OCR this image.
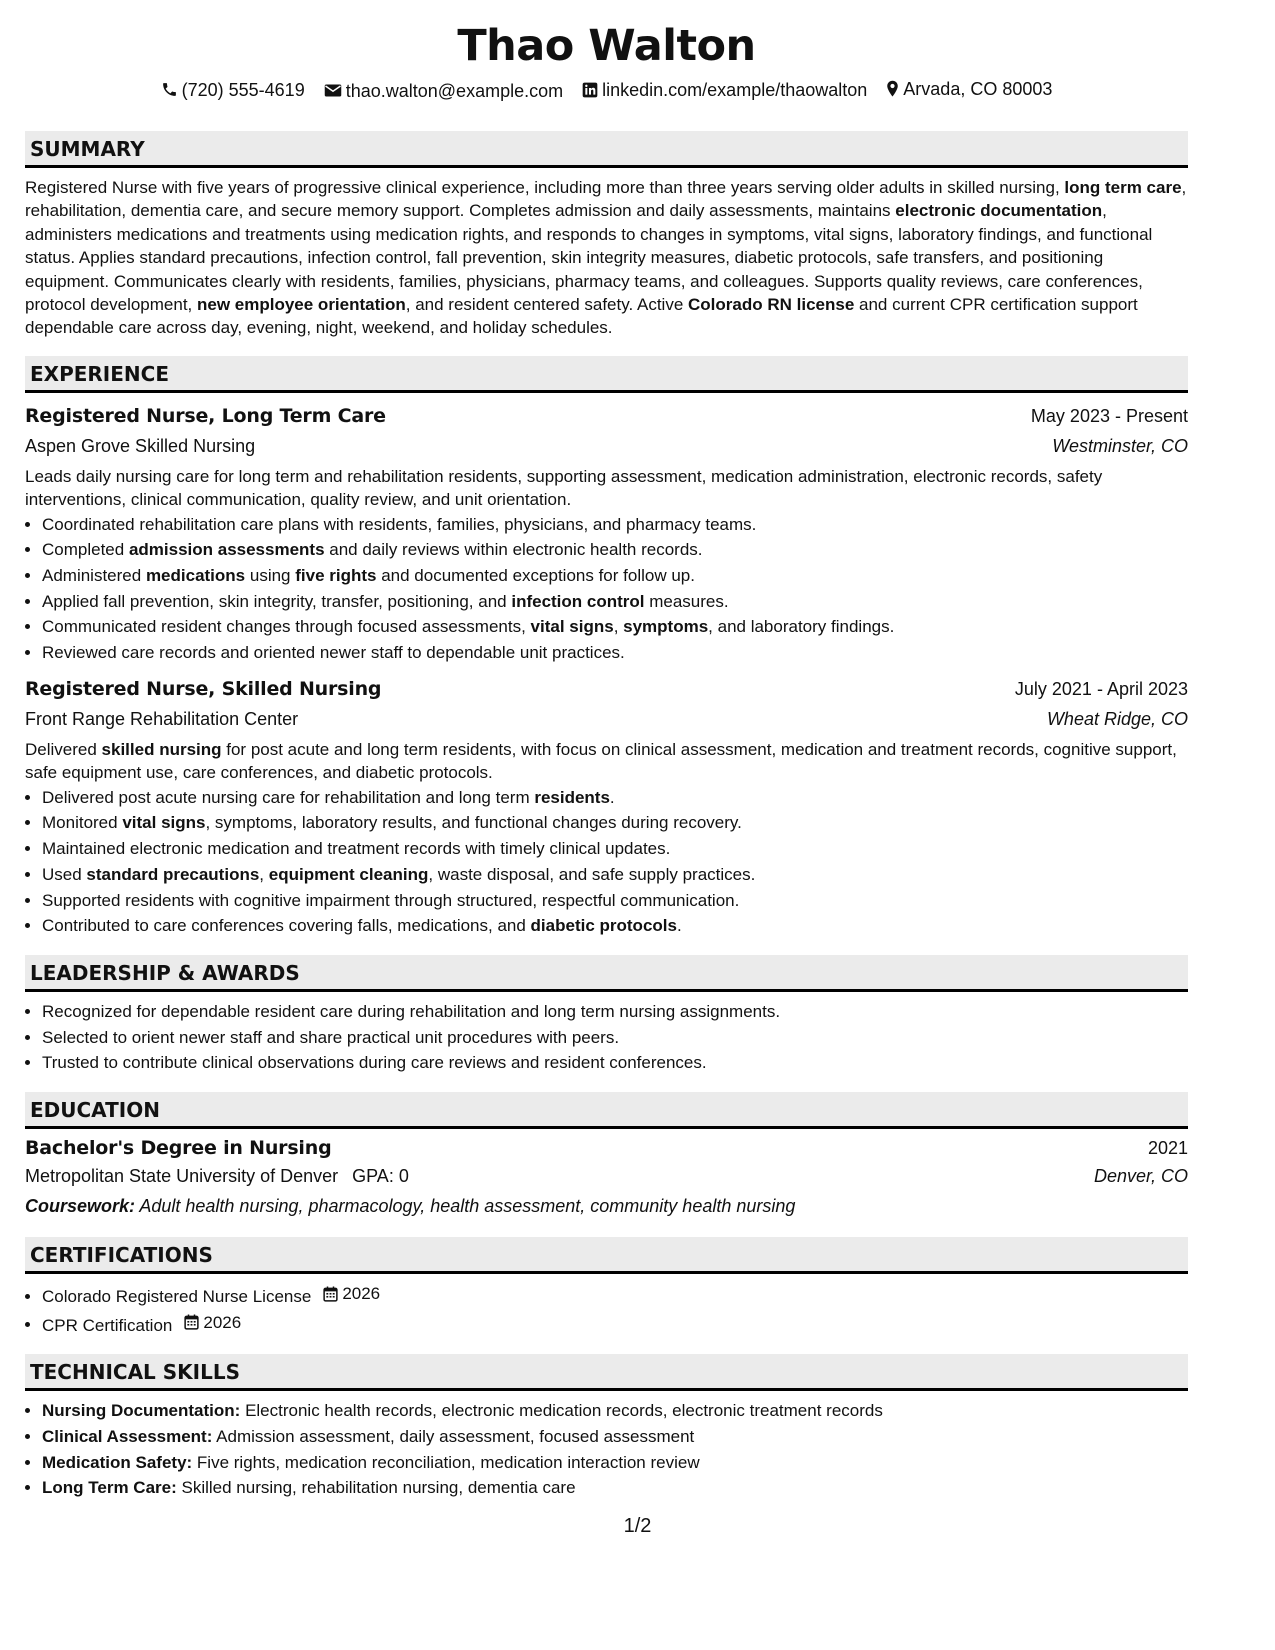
Thao Walton
(720) 555-4619
thao.walton@example.com
linkedin.com/example/thaowalton
Arvada, CO 80003
SUMMARY

Registered Nurse with five years of progressive clinical experience, including more than three years serving older adults in skilled nursing, long term care, rehabilitation, dementia care, and secure memory support. Completes admission and daily assessments, maintains electronic documentation, administers medications and treatments using medication rights, and responds to changes in symptoms, vital signs, laboratory findings, and functional status. Applies standard precautions, infection control, fall prevention, skin integrity measures, diabetic protocols, safe transfers, and positioning equipment. Communicates clearly with residents, families, physicians, pharmacy teams, and colleagues. Supports quality reviews, care conferences, protocol development, new employee orientation, and resident centered safety. Active Colorado RN license and current CPR certification support dependable care across day, evening, night, weekend, and holiday schedules.

EXPERIENCE
Registered Nurse, Long Term Care	May 2023 - Present
Aspen Grove Skilled Nursing	Westminster, CO

Leads daily nursing care for long term and rehabilitation residents, supporting assessment, medication administration, electronic records, safety interventions, clinical communication, quality review, and unit orientation.

• Coordinated rehabilitation care plans with residents, families, physicians, and pharmacy teams.
• Completed admission assessments and daily reviews within electronic health records.
• Administered medications using five rights and documented exceptions for follow up.
• Applied fall prevention, skin integrity, transfer, positioning, and infection control measures.
• Communicated resident changes through focused assessments, vital signs, symptoms, and laboratory findings.
• Reviewed care records and oriented newer staff to dependable unit practices.
Registered Nurse, Skilled Nursing	July 2021 - April 2023
Front Range Rehabilitation Center	Wheat Ridge, CO

Delivered skilled nursing for post acute and long term residents, with focus on clinical assessment, medication and treatment records, cognitive support, safe equipment use, care conferences, and diabetic protocols.

• Delivered post acute nursing care for rehabilitation and long term residents.
• Monitored vital signs, symptoms, laboratory results, and functional changes during recovery.
• Maintained electronic medication and treatment records with timely clinical updates.
• Used standard precautions, equipment cleaning, waste disposal, and safe supply practices.
• Supported residents with cognitive impairment through structured, respectful communication.
• Contributed to care conferences covering falls, medications, and diabetic protocols.
LEADERSHIP & AWARDS
• Recognized for dependable resident care during rehabilitation and long term nursing assignments.
• Selected to orient newer staff and share practical unit procedures with peers.
• Trusted to contribute clinical observations during care reviews and resident conferences.
EDUCATION
Bachelor's Degree in Nursing	2021
Metropolitan State University of Denver GPA: 0	Denver, CO
Coursework: Adult health nursing, pharmacology, health assessment, community health nursing
CERTIFICATIONS
• Colorado Registered Nurse License 2026
• CPR Certification 2026
TECHNICAL SKILLS
• Nursing Documentation: Electronic health records, electronic medication records, electronic treatment records
• Clinical Assessment: Admission assessment, daily assessment, focused assessment
• Medication Safety: Five rights, medication reconciliation, medication interaction review
• Long Term Care: Skilled nursing, rehabilitation nursing, dementia care
1/2
